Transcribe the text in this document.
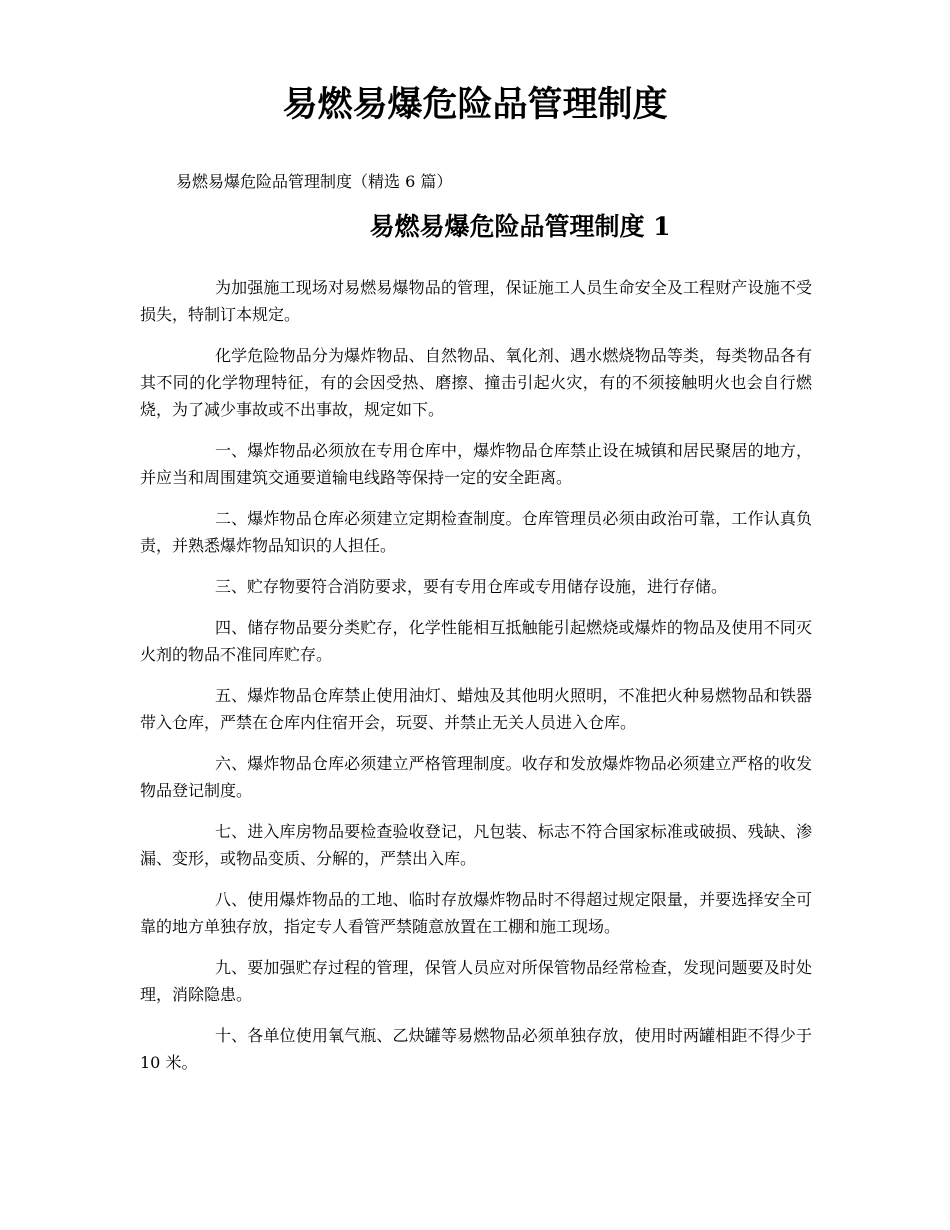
易燃易爆危险品管理制度
易燃易爆危险品管理制度（精选 6 篇）
易燃易爆危险品管理制度 1

为加强施工现场对易燃易爆物品的管理，保证施工人员生命安全及工程财产设施不受损失，特制订本规定。

化学危险物品分为爆炸物品、自然物品、氧化剂、遇水燃烧物品等类，每类物品各有其不同的化学物理特征，有的会因受热、磨擦、撞击引起火灾，有的不须接触明火也会自行燃烧，为了减少事故或不出事故，规定如下。

一、爆炸物品必须放在专用仓库中，爆炸物品仓库禁止设在城镇和居民聚居的地方，并应当和周围建筑交通要道输电线路等保持一定的安全距离。

二、爆炸物品仓库必须建立定期检查制度。仓库管理员必须由政治可靠，工作认真负责，并熟悉爆炸物品知识的人担任。

三、贮存物要符合消防要求，要有专用仓库或专用储存设施，进行存储。

四、储存物品要分类贮存，化学性能相互抵触能引起燃烧或爆炸的物品及使用不同灭火剂的物品不准同库贮存。

五、爆炸物品仓库禁止使用油灯、蜡烛及其他明火照明，不准把火种易燃物品和铁器带入仓库，严禁在仓库内住宿开会，玩耍、并禁止无关人员进入仓库。

六、爆炸物品仓库必须建立严格管理制度。收存和发放爆炸物品必须建立严格的收发物品登记制度。

七、进入库房物品要检查验收登记，凡包装、标志不符合国家标准或破损、残缺、渗漏、变形，或物品变质、分解的，严禁出入库。

八、使用爆炸物品的工地、临时存放爆炸物品时不得超过规定限量，并要选择安全可靠的地方单独存放，指定专人看管严禁随意放置在工棚和施工现场。

九、要加强贮存过程的管理，保管人员应对所保管物品经常检查，发现问题要及时处理，消除隐患。

十、各单位使用氧气瓶、乙炔罐等易燃物品必须单独存放，使用时两罐相距不得少于 10 米。
